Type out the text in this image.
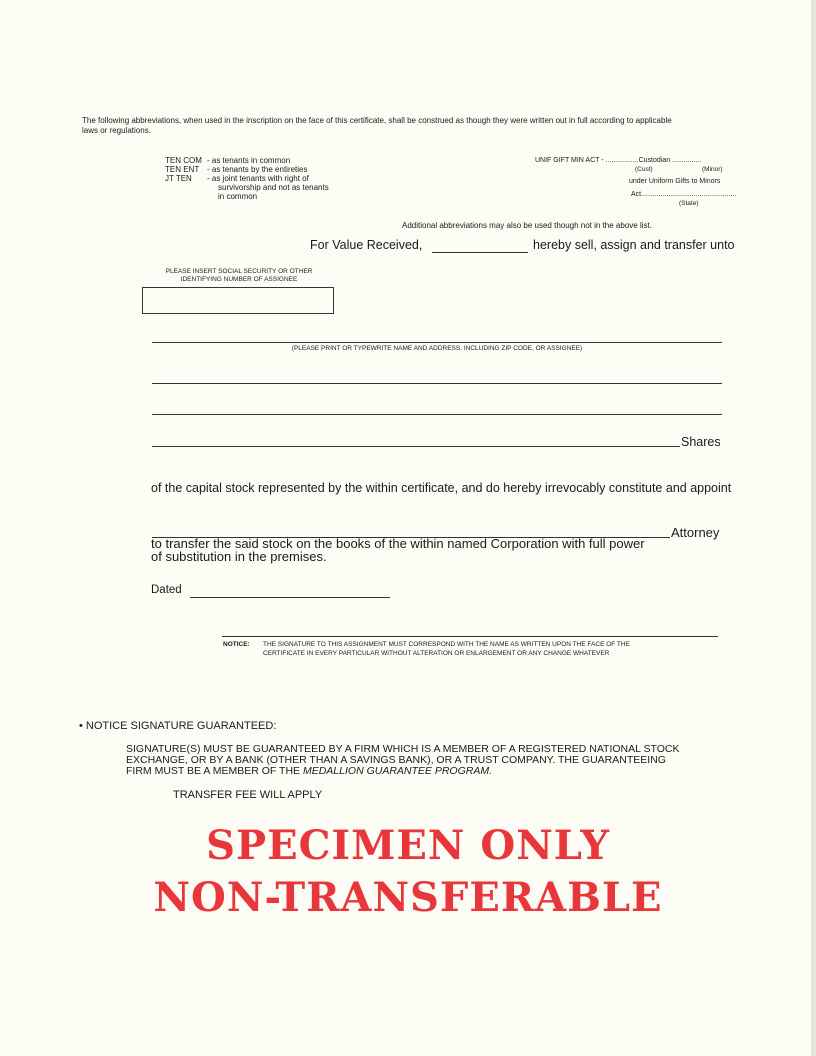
The following abbreviations, when used in the inscription on the face of this certificate, shall be construed as though they were written out in full according to applicable laws or regulations.
TEN COM - as tenants in common
TEN ENT - as tenants by the entireties
JT TEN - as joint tenants with right of
survivorship and not as tenants
in common
UNIF GIFT MIN ACT - .................Custodian ...............
(Cust)	(Minor)
under Uniform Gifts to Minors
Act.................................................
(State)
Additional abbreviations may also be used though not in the above list.
For Value Received,	hereby sell, assign and transfer unto
PLEASE INSERT SOCIAL SECURITY OR OTHER
IDENTIFYING NUMBER OF ASSIGNEE
(PLEASE PRINT OR TYPEWRITE NAME AND ADDRESS, INCLUDING ZIP CODE, OR ASSIGNEE)
Shares
of the capital stock represented by the within certificate, and do hereby irrevocably constitute and appoint
Attorney
to transfer the said stock on the books of the within named Corporation with full power
of substitution in the premises.
Dated
NOTICE: THE SIGNATURE TO THIS ASSIGNMENT MUST CORRESPOND WITH THE NAME AS WRITTEN UPON THE FACE OF THE
CERTIFICATE IN EVERY PARTICULAR WITHOUT ALTERATION OR ENLARGEMENT OR ANY CHANGE WHATEVER
• NOTICE SIGNATURE GUARANTEED:
SIGNATURE(S) MUST BE GUARANTEED BY A FIRM WHICH IS A MEMBER OF A REGISTERED NATIONAL STOCK
EXCHANGE, OR BY A BANK (OTHER THAN A SAVINGS BANK), OR A TRUST COMPANY. THE GUARANTEEING
FIRM MUST BE A MEMBER OF THE MEDALLION GUARANTEE PROGRAM.
TRANSFER FEE WILL APPLY
SPECIMEN ONLY
NON-TRANSFERABLE
